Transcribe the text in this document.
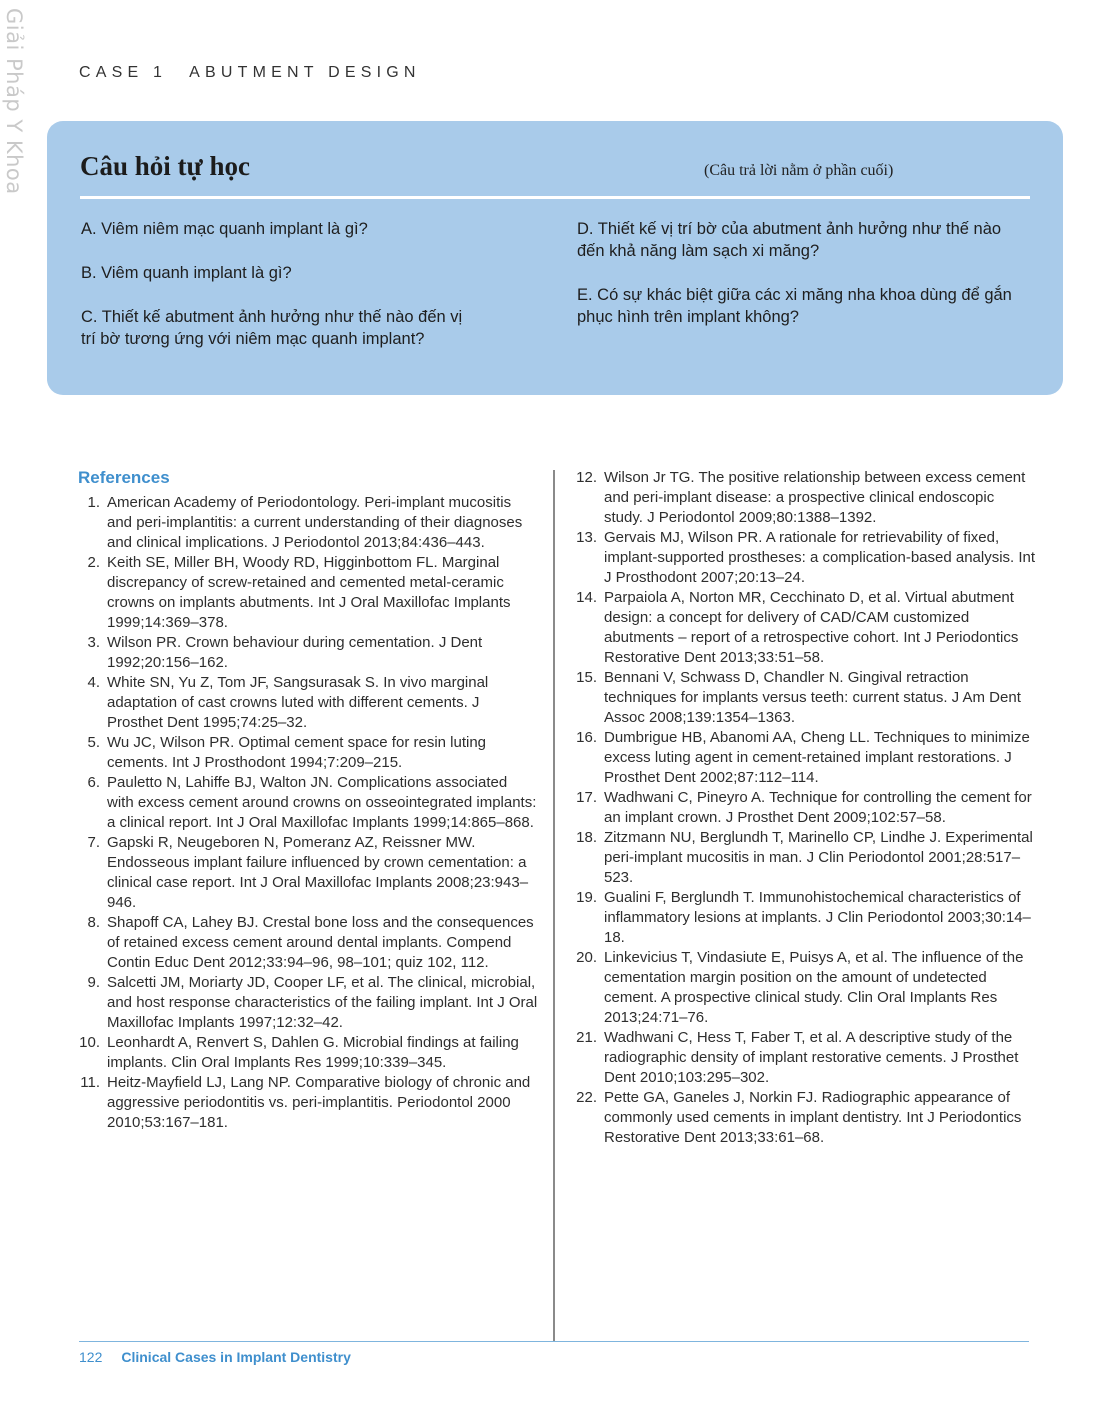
Giải Pháp Y Khoa	CASE 1 ABUTMENT DESIGN
Câu hỏi tự học	(Câu trả lời nằm ở phần cuối)
A. Viêm niêm mạc quanh implant là gì?
B. Viêm quanh implant là gì?
C. Thiết kế abutment ảnh hưởng như thế nào đến vị trí bờ tương ứng với niêm mạc quanh implant?
D. Thiết kế vị trí bờ của abutment ảnh hưởng như thế nào đến khả năng làm sạch xi măng?
E. Có sự khác biệt giữa các xi măng nha khoa dùng để gắn phục hình trên implant không?
References
1. American Academy of Periodontology. Peri-implant mucositis and peri-implantitis: a current understanding of their diagnoses and clinical implications. J Periodontol 2013;84:436–443.
2. Keith SE, Miller BH, Woody RD, Higginbottom FL. Marginal discrepancy of screw-retained and cemented metal-ceramic crowns on implants abutments. Int J Oral Maxillofac Implants 1999;14:369–378.
3. Wilson PR. Crown behaviour during cementation. J Dent 1992;20:156–162.
4. White SN, Yu Z, Tom JF, Sangsurasak S. In vivo marginal adaptation of cast crowns luted with different cements. J Prosthet Dent 1995;74:25–32.
5. Wu JC, Wilson PR. Optimal cement space for resin luting cements. Int J Prosthodont 1994;7:209–215.
6. Pauletto N, Lahiffe BJ, Walton JN. Complications associated with excess cement around crowns on osseointegrated implants: a clinical report. Int J Oral Maxillofac Implants 1999;14:865–868.
7. Gapski R, Neugeboren N, Pomeranz AZ, Reissner MW. Endosseous implant failure influenced by crown cementation: a clinical case report. Int J Oral Maxillofac Implants 2008;23:943–946.
8. Shapoff CA, Lahey BJ. Crestal bone loss and the consequences of retained excess cement around dental implants. Compend Contin Educ Dent 2012;33:94–96, 98–101; quiz 102, 112.
9. Salcetti JM, Moriarty JD, Cooper LF, et al. The clinical, microbial, and host response characteristics of the failing implant. Int J Oral Maxillofac Implants 1997;12:32–42.
10. Leonhardt A, Renvert S, Dahlen G. Microbial findings at failing implants. Clin Oral Implants Res 1999;10:339–345.
11. Heitz-Mayfield LJ, Lang NP. Comparative biology of chronic and aggressive periodontitis vs. peri-implantitis. Periodontol 2000 2010;53:167–181.
12. Wilson Jr TG. The positive relationship between excess cement and peri-implant disease: a prospective clinical endoscopic study. J Periodontol 2009;80:1388–1392.
13. Gervais MJ, Wilson PR. A rationale for retrievability of fixed, implant-supported prostheses: a complication-based analysis. Int J Prosthodont 2007;20:13–24.
14. Parpaiola A, Norton MR, Cecchinato D, et al. Virtual abutment design: a concept for delivery of CAD/CAM customized abutments – report of a retrospective cohort. Int J Periodontics Restorative Dent 2013;33:51–58.
15. Bennani V, Schwass D, Chandler N. Gingival retraction techniques for implants versus teeth: current status. J Am Dent Assoc 2008;139:1354–1363.
16. Dumbrigue HB, Abanomi AA, Cheng LL. Techniques to minimize excess luting agent in cement-retained implant restorations. J Prosthet Dent 2002;87:112–114.
17. Wadhwani C, Pineyro A. Technique for controlling the cement for an implant crown. J Prosthet Dent 2009;102:57–58.
18. Zitzmann NU, Berglundh T, Marinello CP, Lindhe J. Experimental peri-implant mucositis in man. J Clin Periodontol 2001;28:517–523.
19. Gualini F, Berglundh T. Immunohistochemical characteristics of inflammatory lesions at implants. J Clin Periodontol 2003;30:14–18.
20. Linkevicius T, Vindasiute E, Puisys A, et al. The influence of the cementation margin position on the amount of undetected cement. A prospective clinical study. Clin Oral Implants Res 2013;24:71–76.
21. Wadhwani C, Hess T, Faber T, et al. A descriptive study of the radiographic density of implant restorative cements. J Prosthet Dent 2010;103:295–302.
22. Pette GA, Ganeles J, Norkin FJ. Radiographic appearance of commonly used cements in implant dentistry. Int J Periodontics Restorative Dent 2013;33:61–68.
122 Clinical Cases in Implant Dentistry
